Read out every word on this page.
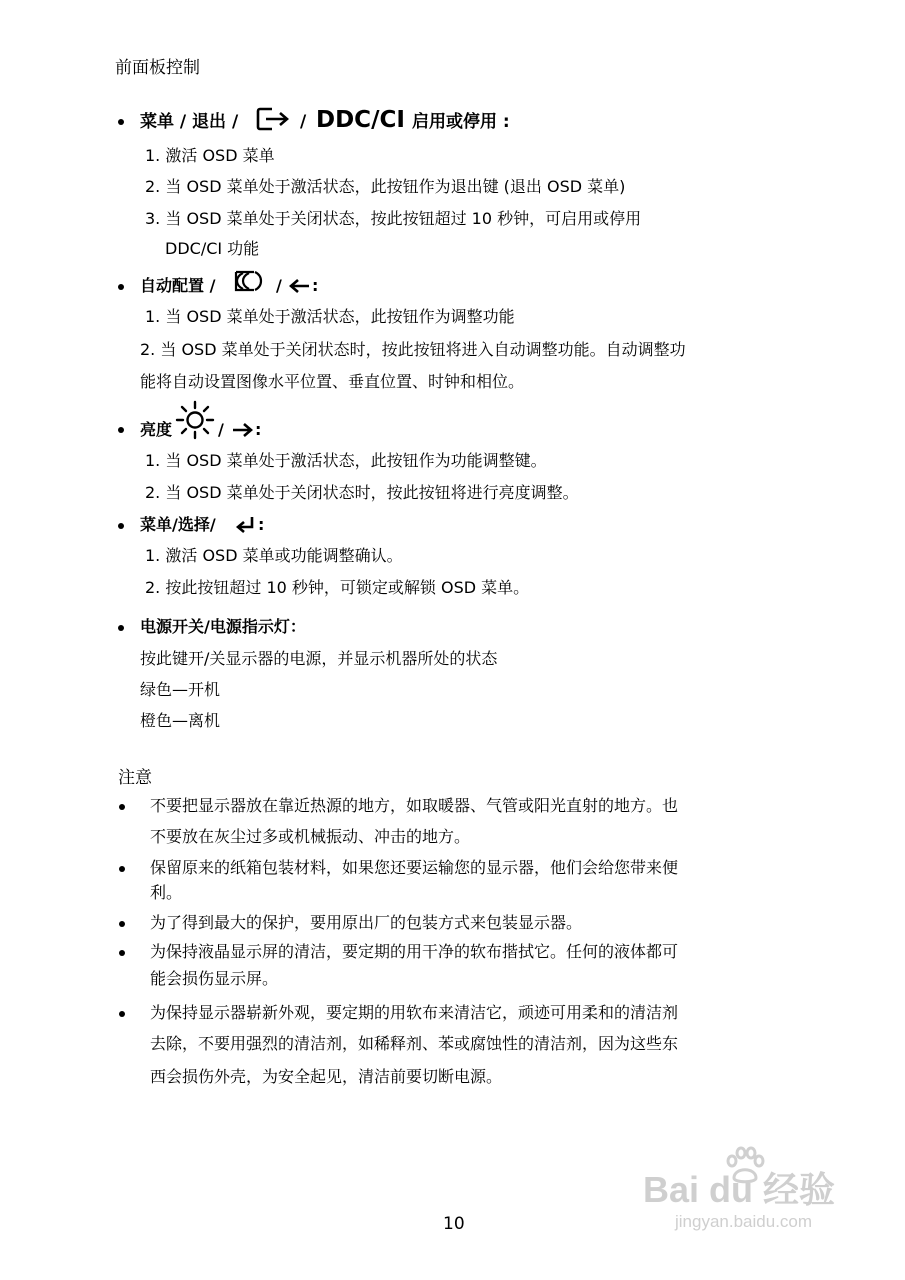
前面板控制
菜单 / 退出 /	/ DDC/CI 启用或停用 :
1. 激活 OSD 菜单
2. 当 OSD 菜单处于激活状态，此按钮作为退出键 (退出 OSD 菜单)
3. 当 OSD 菜单处于关闭状态，按此按钮超过 10 秒钟，可启用或停用
DDC/CI 功能
自动配置 /	/ :
1. 当 OSD 菜单处于激活状态，此按钮作为调整功能
2. 当 OSD 菜单处于关闭状态时，按此按钮将进入自动调整功能。自动调整功
能将自动设置图像水平位置、垂直位置、时钟和相位。
亮度	/ :
1. 当 OSD 菜单处于激活状态，此按钮作为功能调整键。
2. 当 OSD 菜单处于关闭状态时，按此按钮将进行亮度调整。
菜单/选择/	:
1. 激活 OSD 菜单或功能调整确认。
2. 按此按钮超过 10 秒钟，可锁定或解锁 OSD 菜单。
电源开关/电源指示灯：
按此键开/关显示器的电源，并显示机器所处的状态
绿色—开机
橙色—离机
注意
不要把显示器放在靠近热源的地方，如取暖器、气管或阳光直射的地方。也
不要放在灰尘过多或机械振动、冲击的地方。
保留原来的纸箱包装材料，如果您还要运输您的显示器，他们会给您带来便
利。
为了得到最大的保护，要用原出厂的包装方式来包装显示器。
为保持液晶显示屏的清洁，要定期的用干净的软布揩拭它。任何的液体都可
能会损伤显示屏。
为保持显示器崭新外观，要定期的用软布来清洁它，顽迹可用柔和的清洁剂
去除，不要用强烈的清洁剂，如稀释剂、苯或腐蚀性的清洁剂，因为这些东
西会损伤外壳，为安全起见，清洁前要切断电源。
10
Bai du 经验
jingyan.baidu.com
